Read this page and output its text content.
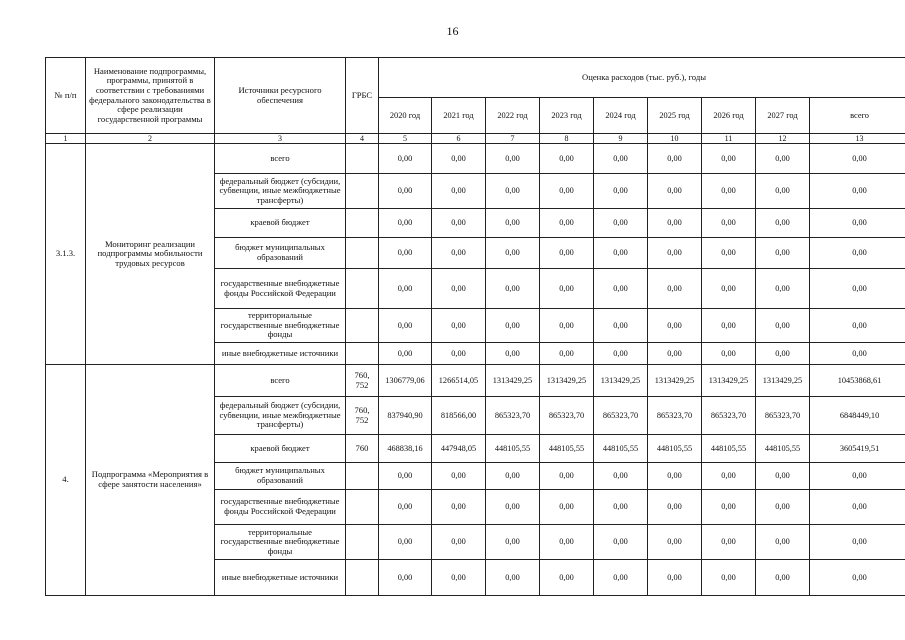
16
№ п/п	Наименование подпрограммы, программы, принятой в соответствии с требованиями федерального законодательства в сфере реализации государственной программы	Источники ресурсного обеспечения	ГРБС	Оценка расходов (тыс. руб.), годы								
				2020 год	2021 год	2022 год	2023 год	2024 год	2025 год	2026 год	2027 год	всего
1	2	3	4	5	6	7	8	9	10	11	12	13
3.1.3.	Мониторинг реализации подпрограммы мобильности трудовых ресурсов	всего		0,00	0,00	0,00	0,00	0,00	0,00	0,00	0,00	0,00
		федеральный бюджет (субсидии, субвенции, иные межбюджетные трансферты)		0,00	0,00	0,00	0,00	0,00	0,00	0,00	0,00	0,00
		краевой бюджет		0,00	0,00	0,00	0,00	0,00	0,00	0,00	0,00	0,00
		бюджет муниципальных образований		0,00	0,00	0,00	0,00	0,00	0,00	0,00	0,00	0,00
		государственные внебюджетные фонды Российской Федерации		0,00	0,00	0,00	0,00	0,00	0,00	0,00	0,00	0,00
		территориальные государственные внебюджетные фонды		0,00	0,00	0,00	0,00	0,00	0,00	0,00	0,00	0,00
		иные внебюджетные источники		0,00	0,00	0,00	0,00	0,00	0,00	0,00	0,00	0,00
4.	Подпрограмма «Мероприятия в сфере занятости населения»	всего	760, 752	1306779,06	1266514,05	1313429,25	1313429,25	1313429,25	1313429,25	1313429,25	1313429,25	10453868,61
		федеральный бюджет (субсидии, субвенции, иные межбюджетные трансферты)	760, 752	837940,90	818566,00	865323,70	865323,70	865323,70	865323,70	865323,70	865323,70	6848449,10
		краевой бюджет	760	468838,16	447948,05	448105,55	448105,55	448105,55	448105,55	448105,55	448105,55	3605419,51
		бюджет муниципальных образований		0,00	0,00	0,00	0,00	0,00	0,00	0,00	0,00	0,00
		государственные внебюджетные фонды Российской Федерации		0,00	0,00	0,00	0,00	0,00	0,00	0,00	0,00	0,00
		территориальные государственные внебюджетные фонды		0,00	0,00	0,00	0,00	0,00	0,00	0,00	0,00	0,00
		иные внебюджетные источники		0,00	0,00	0,00	0,00	0,00	0,00	0,00	0,00	0,00
